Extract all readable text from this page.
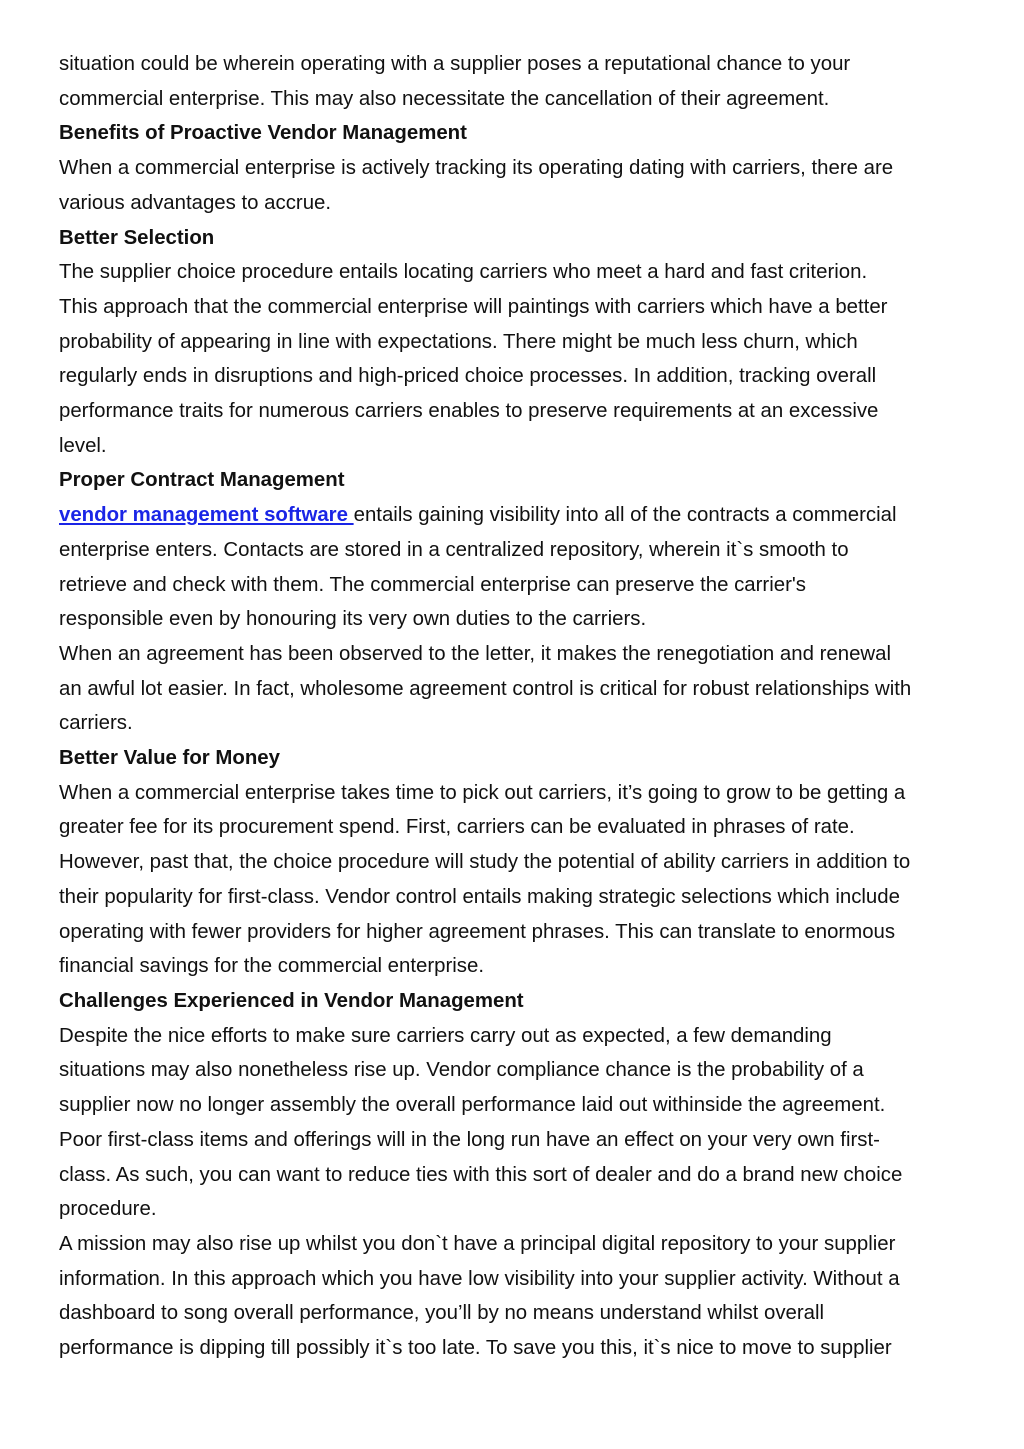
situation could be wherein operating with a supplier poses a reputational chance to your
commercial enterprise. This may also necessitate the cancellation of their agreement.

Benefits of Proactive Vendor Management

When a commercial enterprise is actively tracking its operating dating with carriers, there are
various advantages to accrue.

Better Selection

The supplier choice procedure entails locating carriers who meet a hard and fast criterion.
This approach that the commercial enterprise will paintings with carriers which have a better
probability of appearing in line with expectations. There might be much less churn, which
regularly ends in disruptions and high-priced choice processes. In addition, tracking overall
performance traits for numerous carriers enables to preserve requirements at an excessive
level.

Proper Contract Management

vendor management software entails gaining visibility into all of the contracts a commercial
enterprise enters. Contacts are stored in a centralized repository, wherein it`s smooth to
retrieve and check with them. The commercial enterprise can preserve the carrier's
responsible even by honouring its very own duties to the carriers.

When an agreement has been observed to the letter, it makes the renegotiation and renewal
an awful lot easier. In fact, wholesome agreement control is critical for robust relationships with
carriers.

Better Value for Money

When a commercial enterprise takes time to pick out carriers, it’s going to grow to be getting a
greater fee for its procurement spend. First, carriers can be evaluated in phrases of rate.
However, past that, the choice procedure will study the potential of ability carriers in addition to
their popularity for first-class. Vendor control entails making strategic selections which include
operating with fewer providers for higher agreement phrases. This can translate to enormous
financial savings for the commercial enterprise.

Challenges Experienced in Vendor Management

Despite the nice efforts to make sure carriers carry out as expected, a few demanding
situations may also nonetheless rise up. Vendor compliance chance is the probability of a
supplier now no longer assembly the overall performance laid out withinside the agreement.
Poor first-class items and offerings will in the long run have an effect on your very own first-
class. As such, you can want to reduce ties with this sort of dealer and do a brand new choice
procedure.

A mission may also rise up whilst you don`t have a principal digital repository to your supplier
information. In this approach which you have low visibility into your supplier activity. Without a
dashboard to song overall performance, you’ll by no means understand whilst overall
performance is dipping till possibly it`s too late. To save you this, it`s nice to move to supplier
